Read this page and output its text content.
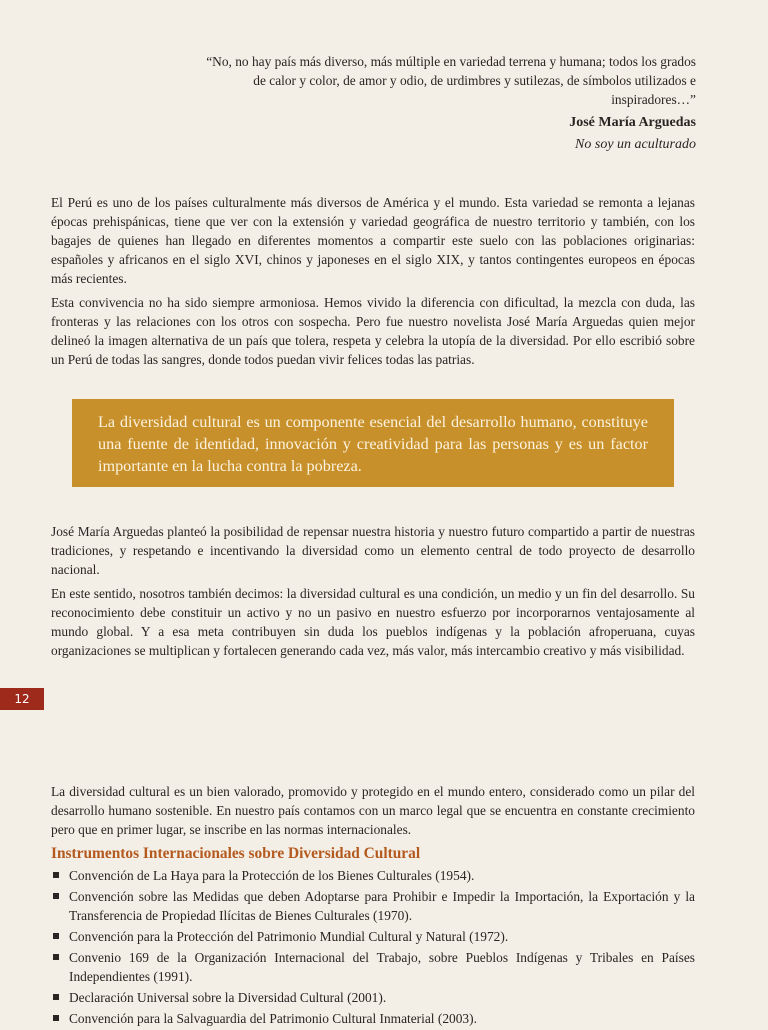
“No, no hay país más diverso, más múltiple en variedad terrena y humana; todos los grados de calor y color, de amor y odio, de urdimbres y sutilezas, de símbolos utilizados e inspiradores…”
José María Arguedas
No soy un aculturado

El Perú es uno de los países culturalmente más diversos de América y el mundo. Esta variedad se remonta a lejanas épocas prehispánicas, tiene que ver con la extensión y variedad geográfica de nuestro territorio y también, con los bagajes de quienes han llegado en diferentes momentos a compartir este suelo con las poblaciones originarias: españoles y africanos en el siglo XVI, chinos y japoneses en el siglo XIX, y tantos contingentes europeos en épocas más recientes.

Esta convivencia no ha sido siempre armoniosa. Hemos vivido la diferencia con dificultad, la mezcla con duda, las fronteras y las relaciones con los otros con sospecha. Pero fue nuestro novelista José María Arguedas quien mejor delineó la imagen alternativa de un país que tolera, respeta y celebra la utopía de la diversidad. Por ello escribió sobre un Perú de todas las sangres, donde todos puedan vivir felices todas las patrias.

La diversidad cultural es un componente esencial del desarrollo humano, constituye una fuente de identidad, innovación y creatividad para las personas y es un factor importante en la lucha contra la pobreza.

José María Arguedas planteó la posibilidad de repensar nuestra historia y nuestro futuro compartido a partir de nuestras tradiciones, y respetando e incentivando la diversidad como un elemento central de todo proyecto de desarrollo nacional.

En este sentido, nosotros también decimos: la diversidad cultural es una condición, un medio y un fin del desarrollo. Su reconocimiento debe constituir un activo y no un pasivo en nuestro esfuerzo por incorporarnos ventajosamente al mundo global. Y a esa meta contribuyen sin duda los pueblos indígenas y la población afroperuana, cuyas organizaciones se multiplican y fortalecen generando cada vez, más valor, más intercambio creativo y más visibilidad.

12

La diversidad cultural es un bien valorado, promovido y protegido en el mundo entero, considerado como un pilar del desarrollo humano sostenible. En nuestro país contamos con un marco legal que se encuentra en constante crecimiento pero que en primer lugar, se inscribe en las normas internacionales.

Instrumentos Internacionales sobre Diversidad Cultural
Convención de La Haya para la Protección de los Bienes Culturales (1954).
Convención sobre las Medidas que deben Adoptarse para Prohibir e Impedir la Importación, la Exportación y la Transferencia de Propiedad Ilícitas de Bienes Culturales (1970).
Convención para la Protección del Patrimonio Mundial Cultural y Natural (1972).
Convenio 169 de la Organización Internacional del Trabajo, sobre Pueblos Indígenas y Tribales en Países Independientes (1991).
Declaración Universal sobre la Diversidad Cultural (2001).
Convención para la Salvaguardia del Patrimonio Cultural Inmaterial (2003).
